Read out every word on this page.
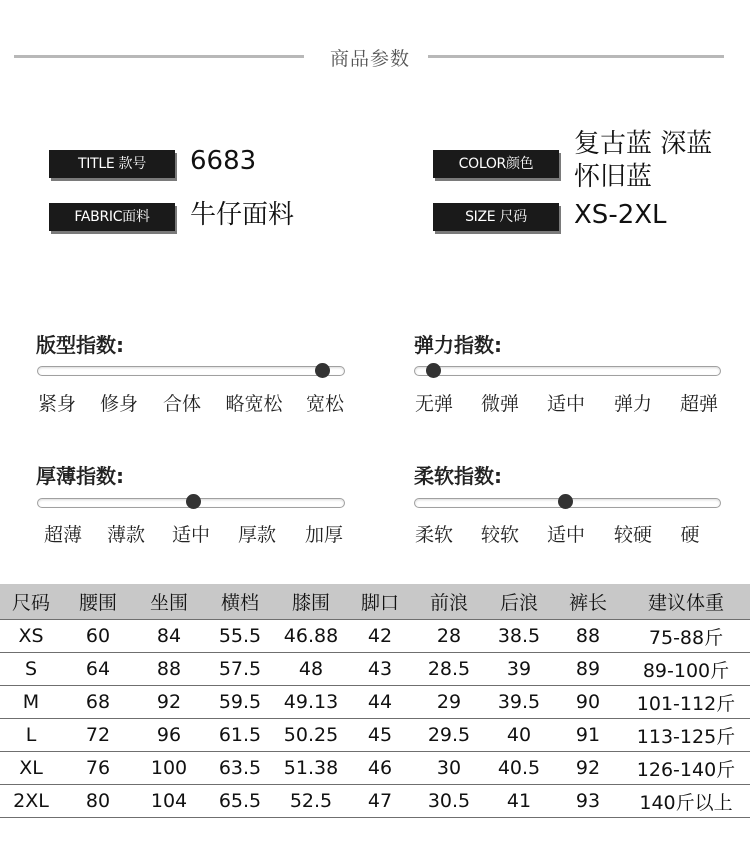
商品参数
TITLE 款号	6683
FABRIC面料	牛仔面料
COLOR颜色
复古蓝 深蓝
怀旧蓝
SIZE 尺码	XS-2XL
版型指数:
紧身 修身 合体 略宽松 宽松
弹力指数:
无弹 微弹 适中 弹力 超弹
厚薄指数:
超薄 薄款 适中 厚款 加厚
柔软指数:
柔软 较软 适中 较硬 硬
尺码	腰围	坐围	横档	膝围	脚口	前浪	后浪	裤长	建议体重
XS	60	84	55.5	46.88	42	28	38.5	88	75-88斤
S	64	88	57.5	48	43	28.5	39	89	89-100斤
M	68	92	59.5	49.13	44	29	39.5	90	101-112斤
L	72	96	61.5	50.25	45	29.5	40	91	113-125斤
XL	76	100	63.5	51.38	46	30	40.5	92	126-140斤
2XL	80	104	65.5	52.5	47	30.5	41	93	140斤以上
